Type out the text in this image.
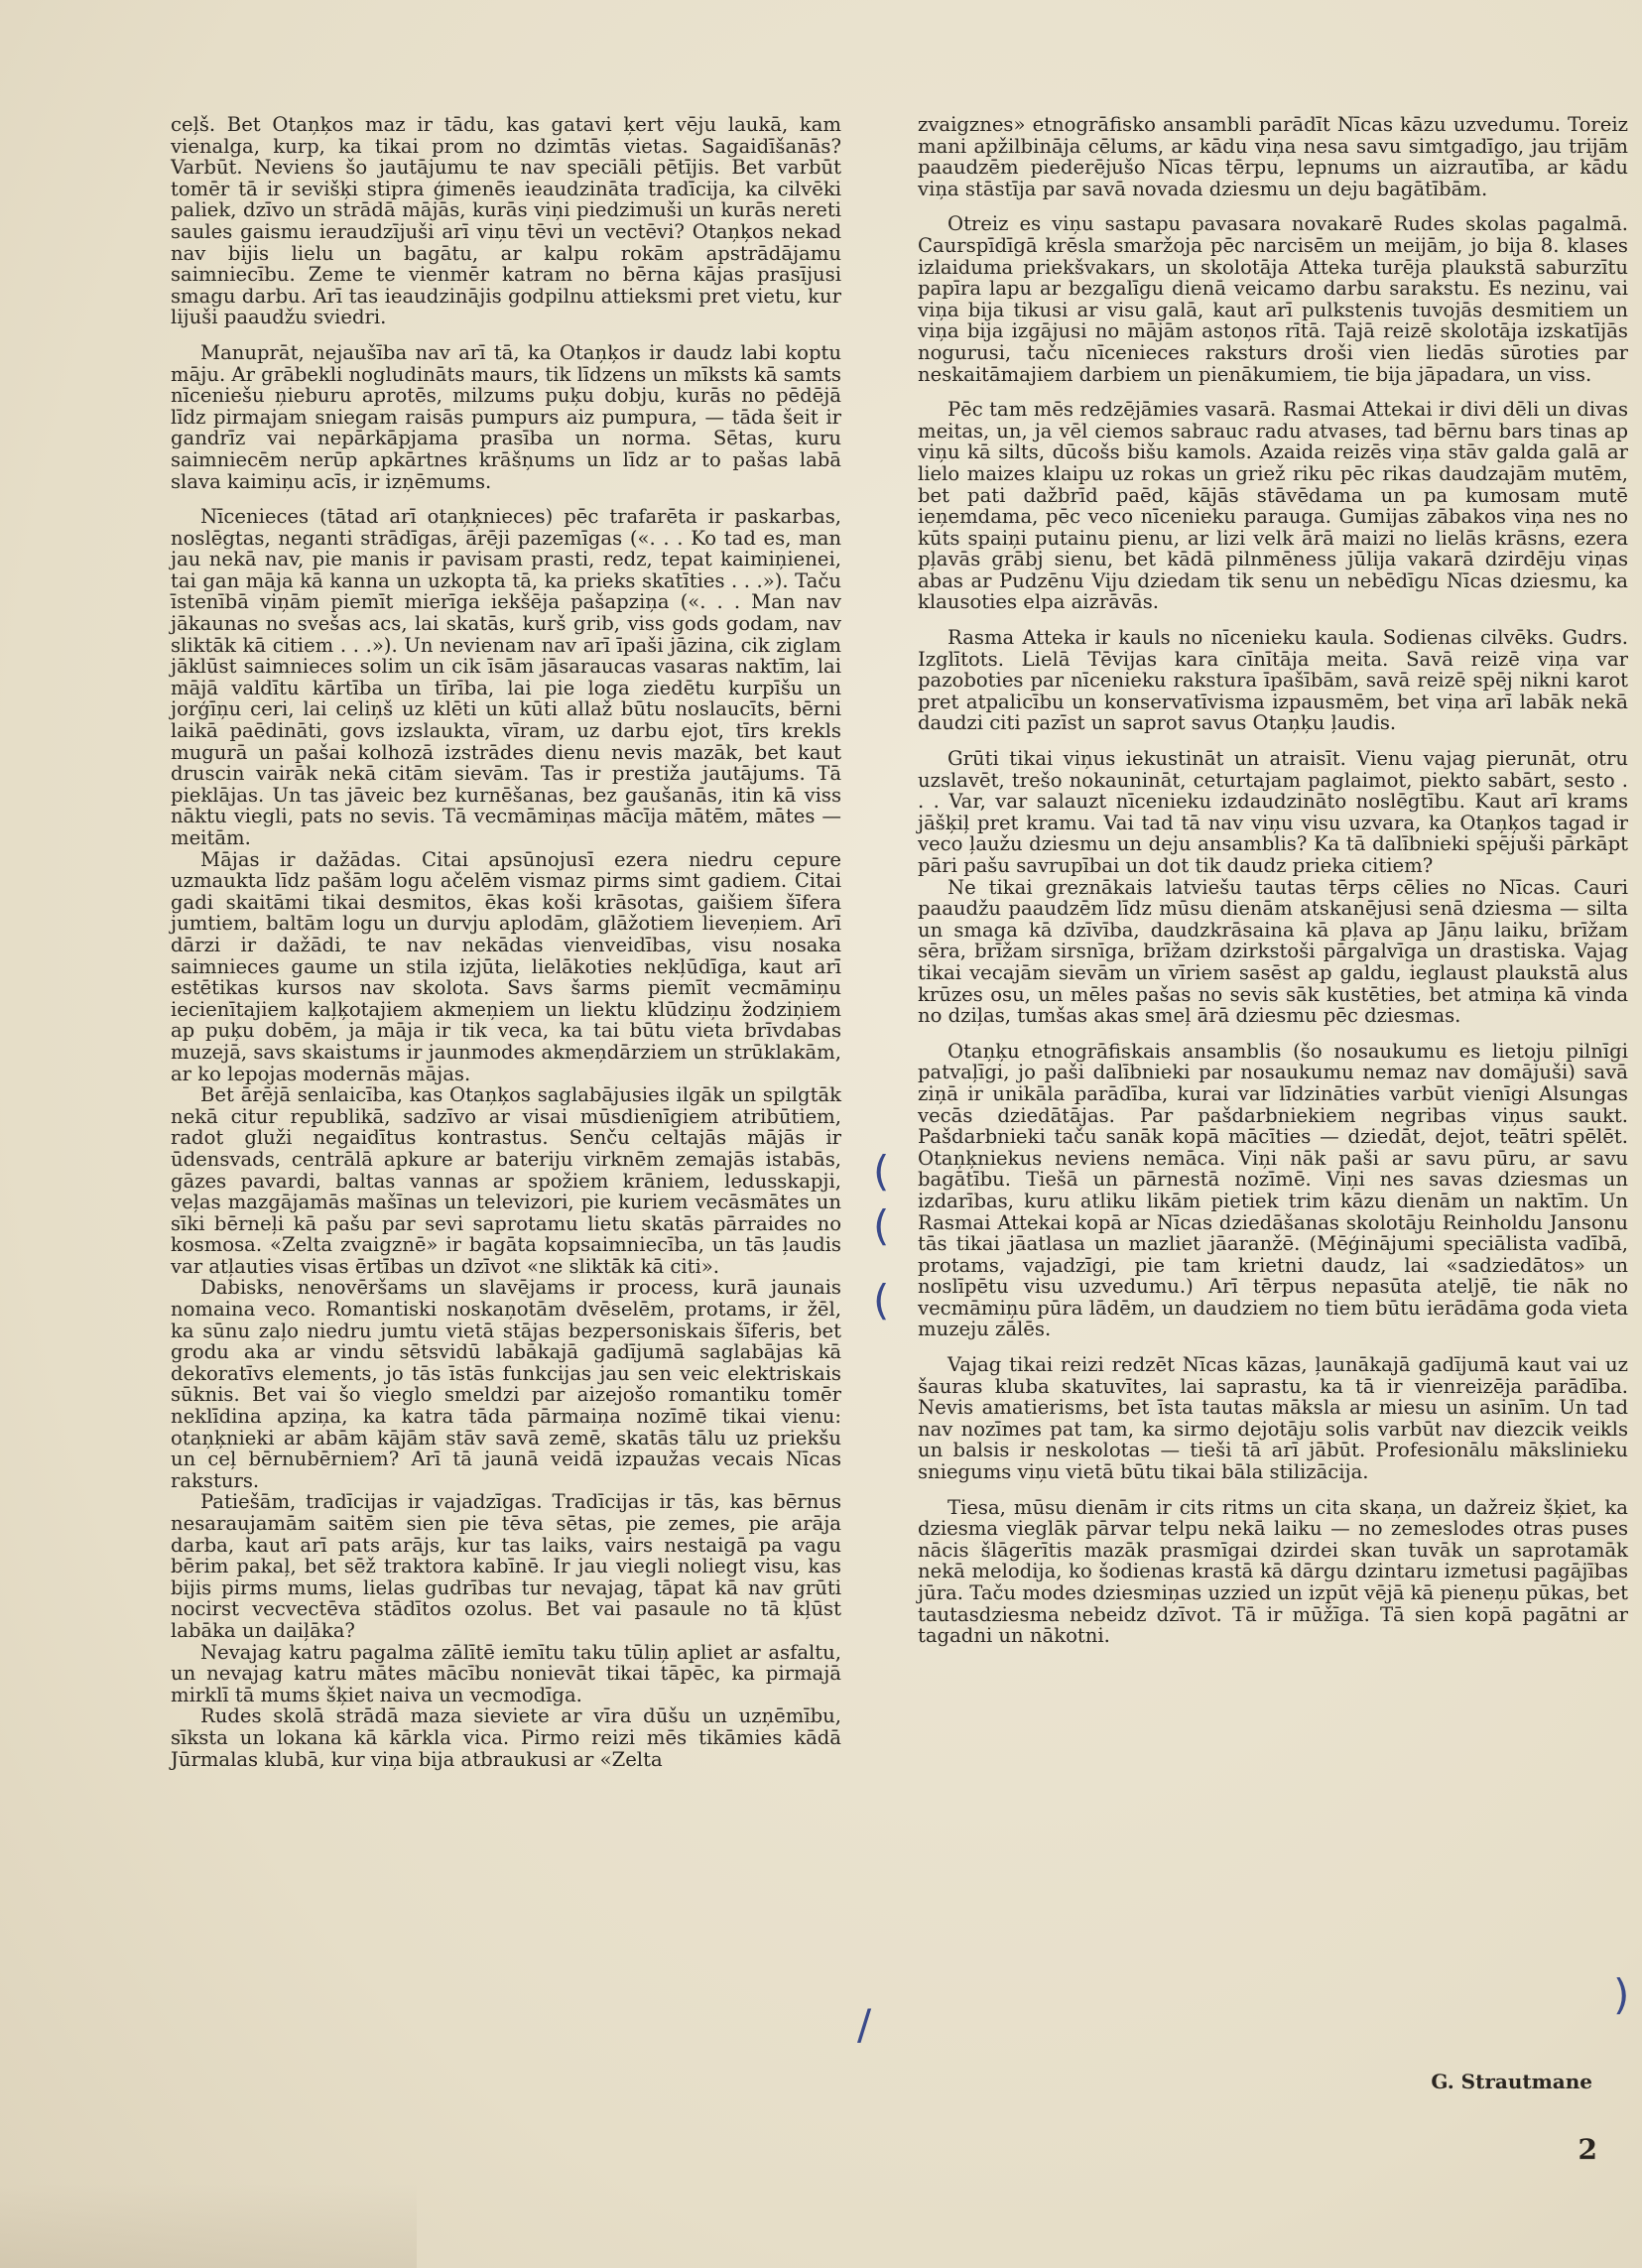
ceļš. Bet Otaņķos maz ir tādu, kas gatavi ķert vēju laukā, kam vienalga, kurp, ka tikai prom no dzimtās vietas. Sagaidīšanās? Varbūt. Neviens šo jautājumu te nav speciāli pētījis. Bet varbūt tomēr tā ir sevišķi stipra ģimenēs ieaudzināta tradīcija, ka cilvēki paliek, dzīvo un strādā mājās, kurās viņi piedzimuši un kurās nereti saules gaismu ieraudzījuši arī viņu tēvi un vectēvi? Otaņķos nekad nav bijis lielu un bagātu, ar kalpu rokām apstrādājamu saimniecību. Zeme te vienmēr katram no bērna kājas prasījusi smagu darbu. Arī tas ieaudzinājis godpilnu attieksmi pret vietu, kur lijuši paaudžu sviedri.

Manuprāt, nejaušība nav arī tā, ka Otaņķos ir daudz labi koptu māju. Ar grābekli nogludināts maurs, tik līdzens un mīksts kā samts nīceniešu ņieburu aprotēs, milzums puķu dobju, kurās no pēdējā līdz pirmajam sniegam raisās pumpurs aiz pumpura, — tāda šeit ir gandrīz vai nepārkāpjama prasība un norma. Sētas, kuru saimniecēm nerūp apkārtnes krāšņums un līdz ar to pašas labā slava kaimiņu acīs, ir izņēmums.

Nīcenieces (tātad arī otaņķnieces) pēc trafarēta ir paskarbas, noslēgtas, neganti strādīgas, ārēji pazemīgas («. . . Ko tad es, man jau nekā nav, pie manis ir pavisam prasti, redz, tepat kaimiņienei, tai gan māja kā kanna un uzkopta tā, ka prieks skatīties . . .»). Taču īstenībā viņām piemīt mierīga iekšēja pašapziņa («. . . Man nav jākaunas no svešas acs, lai skatās, kurš grib, viss gods godam, nav sliktāk kā citiem . . .»). Un nevienam nav arī īpaši jāzina, cik ziglam jāklūst saimnieces solim un cik īsām jāsaraucas vasaras naktīm, lai mājā valdītu kārtība un tīrība, lai pie loga ziedētu kurpīšu un jorģīņu ceri, lai celiņš uz klēti un kūti allaž būtu noslaucīts, bērni laikā paēdināti, govs izslaukta, vīram, uz darbu ejot, tīrs krekls mugurā un pašai kolhozā izstrādes dienu nevis mazāk, bet kaut druscin vairāk nekā citām sievām. Tas ir prestiža jautājums. Tā pieklājas. Un tas jāveic bez kurnēšanas, bez gaušanās, itin kā viss nāktu viegli, pats no sevis. Tā vecmāmiņas mācīja mātēm, mātes — meitām.

Mājas ir dažādas. Citai apsūnojusī ezera niedru cepure uzmaukta līdz pašām logu ačelēm vismaz pirms simt gadiem. Citai gadi skaitāmi tikai desmitos, ēkas koši krāsotas, gaišiem šīfera jumtiem, baltām logu un durvju aplodām, glāžotiem lieveņiem. Arī dārzi ir dažādi, te nav nekādas vienveidības, visu nosaka saimnieces gaume un stila izjūta, lielākoties nekļūdīga, kaut arī estētikas kursos nav skolota. Savs šarms piemīt vecmāmiņu iecienītajiem kaļķotajiem akmeņiem un liektu klūdziņu žodziņiem ap puķu dobēm, ja māja ir tik veca, ka tai būtu vieta brīvdabas muzejā, savs skaistums ir jaunmodes akmeņdārziem un strūklakām, ar ko lepojas modernās mājas.

Bet ārējā senlaicība, kas Otaņķos saglabājusies ilgāk un spilgtāk nekā citur republikā, sadzīvo ar visai mūsdienīgiem atribūtiem, radot gluži negaidītus kontrastus. Senču celtajās mājās ir ūdensvads, centrālā apkure ar bateriju virknēm zemajās istabās, gāzes pavardi, baltas vannas ar spožiem krāniem, ledusskapji, veļas mazgājamās mašīnas un televizori, pie kuriem vecāsmātes un sīki bērneļi kā pašu par sevi saprotamu lietu skatās pārraides no kosmosa. «Zelta zvaigznē» ir bagāta kopsaimniecība, un tās ļaudis var atļauties visas ērtības un dzīvot «ne sliktāk kā citi».

Dabisks, nenovēršams un slavējams ir process, kurā jaunais nomaina veco. Romantiski noskaņotām dvēselēm, protams, ir žēl, ka sūnu zaļo niedru jumtu vietā stājas bezpersoniskais šīferis, bet grodu aka ar vindu sētsvidū labākajā gadījumā saglabājas kā dekoratīvs elements, jo tās īstās funkcijas jau sen veic elektriskais sūknis. Bet vai šo vieglo smeldzi par aizejošo romantiku tomēr neklīdina apziņa, ka katra tāda pārmaiņa nozīmē tikai vienu: otaņķnieki ar abām kājām stāv savā zemē, skatās tālu uz priekšu un ceļ bērnubērniem? Arī tā jaunā veidā izpaužas vecais Nīcas raksturs.

Patiešām, tradīcijas ir vajadzīgas. Tradīcijas ir tās, kas bērnus nesaraujamām saitēm sien pie tēva sētas, pie zemes, pie arāja darba, kaut arī pats arājs, kur tas laiks, vairs nestaigā pa vagu bērim pakaļ, bet sēž traktora kabīnē. Ir jau viegli noliegt visu, kas bijis pirms mums, lielas gudrības tur nevajag, tāpat kā nav grūti nocirst vecvectēva stādītos ozolus. Bet vai pasaule no tā kļūst labāka un daiļāka?

Nevajag katru pagalma zālītē iemītu taku tūliņ apliet ar asfaltu, un nevajag katru mātes mācību nonievāt tikai tāpēc, ka pirmajā mirklī tā mums šķiet naiva un vecmodīga.

Rudes skolā strādā maza sieviete ar vīra dūšu un uzņēmību, sīksta un lokana kā kārkla vica. Pirmo reizi mēs tikāmies kādā Jūrmalas klubā, kur viņa bija atbraukusi ar «Zelta

zvaigznes» etnogrāfisko ansambli parādīt Nīcas kāzu uzvedumu. Toreiz mani apžilbināja cēlums, ar kādu viņa nesa savu simtgadīgo, jau trijām paaudzēm piederējušo Nīcas tērpu, lepnums un aizrautība, ar kādu viņa stāstīja par savā novada dziesmu un deju bagātībām.

Otreiz es viņu sastapu pavasara novakarē Rudes skolas pagalmā. Caurspīdīgā krēsla smaržoja pēc narcisēm un meijām, jo bija 8. klases izlaiduma priekšvakars, un skolotāja Atteka turēja plaukstā saburzītu papīra lapu ar bezgalīgu dienā veicamo darbu sarakstu. Es nezinu, vai viņa bija tikusi ar visu galā, kaut arī pulkstenis tuvojās desmitiem un viņa bija izgājusi no mājām astoņos rītā. Tajā reizē skolotāja izskatījās nogurusi, taču nīcenieces raksturs droši vien liedās sūroties par neskaitāmajiem darbiem un pienākumiem, tie bija jāpadara, un viss.

Pēc tam mēs redzējāmies vasarā. Rasmai Attekai ir divi dēli un divas meitas, un, ja vēl ciemos sabrauc radu atvases, tad bērnu bars tinas ap viņu kā silts, dūcošs bišu kamols. Azaida reizēs viņa stāv galda galā ar lielo maizes klaipu uz rokas un griež riku pēc rikas daudzajām mutēm, bet pati dažbrīd paēd, kājās stāvēdama un pa kumosam mutē ieņemdama, pēc veco nīcenieku parauga. Gumijas zābakos viņa nes no kūts spaiņi putainu pienu, ar lizi velk ārā maizi no lielās krāsns, ezera pļavās grābj sienu, bet kādā pilnmēness jūlija vakarā dzirdēju viņas abas ar Pudzēnu Viju dziedam tik senu un nebēdīgu Nīcas dziesmu, ka klausoties elpa aizrāvās.

Rasma Atteka ir kauls no nīcenieku kaula. Sodienas cilvēks. Gudrs. Izglītots. Lielā Tēvijas kara cīnītāja meita. Savā reizē viņa var pazoboties par nīcenieku rakstura īpašībām, savā reizē spēj nikni karot pret atpalicību un konservatīvisma izpausmēm, bet viņa arī labāk nekā daudzi citi pazīst un saprot savus Otaņķu ļaudis.

Grūti tikai viņus iekustināt un atraisīt. Vienu vajag pierunāt, otru uzslavēt, trešo nokaunināt, ceturtajam paglaimot, piekto sabārt, sesto . . . Var, var salauzt nīcenieku izdaudzināto noslēgtību. Kaut arī krams jāšķiļ pret kramu. Vai tad tā nav viņu visu uzvara, ka Otaņķos tagad ir veco ļaužu dziesmu un deju ansamblis? Ka tā dalībnieki spējuši pārkāpt pāri pašu savrupībai un dot tik daudz prieka citiem?

Ne tikai greznākais latviešu tautas tērps cēlies no Nīcas. Cauri paaudžu paaudzēm līdz mūsu dienām atskanējusi senā dziesma — silta un smaga kā dzīvība, daudzkrāsaina kā pļava ap Jāņu laiku, brīžam sēra, brīžam sirsnīga, brīžam dzirkstoši pārgalvīga un drastiska. Vajag tikai vecajām sievām un vīriem sasēst ap galdu, ieglaust plaukstā alus krūzes osu, un mēles pašas no sevis sāk kustēties, bet atmiņa kā vinda no dziļas, tumšas akas smeļ ārā dziesmu pēc dziesmas.

Otaņķu etnogrāfiskais ansamblis (šo nosaukumu es lietoju pilnīgi patvaļīgi, jo paši dalībnieki par nosaukumu nemaz nav domājuši) savā ziņā ir unikāla parādība, kurai var līdzināties varbūt vienīgi Alsungas vecās dziedātājas. Par pašdarbniekiem negribas viņus saukt. Pašdarbnieki taču sanāk kopā mācīties — dziedāt, dejot, teātri spēlēt. Otaņķniekus neviens nemāca. Viņi nāk paši ar savu pūru, ar savu bagātību. Tiešā un pārnestā nozīmē. Viņi nes savas dziesmas un izdarības, kuru atliku likām pietiek trim kāzu dienām un naktīm. Un Rasmai Attekai kopā ar Nīcas dziedāšanas skolotāju Reinholdu Jansonu tās tikai jāatlasa un mazliet jāaranžē. (Mēģinājumi speciālista vadībā, protams, vajadzīgi, pie tam krietni daudz, lai «sadziedātos» un noslīpētu visu uzvedumu.) Arī tērpus nepasūta ateljē, tie nāk no vecmāmiņu pūra lādēm, un daudziem no tiem būtu ierādāma goda vieta muzeju zālēs.

Vajag tikai reizi redzēt Nīcas kāzas, ļaunākajā gadījumā kaut vai uz šauras kluba skatuvītes, lai saprastu, ka tā ir vienreizēja parādība. Nevis amatierisms, bet īsta tautas māksla ar miesu un asinīm. Un tad nav nozīmes pat tam, ka sirmo dejotāju solis varbūt nav diezcik veikls un balsis ir neskolotas — tieši tā arī jābūt. Profesionālu mākslinieku sniegums viņu vietā būtu tikai bāla stilizācija.

Tiesa, mūsu dienām ir cits ritms un cita skaņa, un dažreiz šķiet, ka dziesma vieglāk pārvar telpu nekā laiku — no zemeslodes otras puses nācis šlāgerītis mazāk prasmīgai dzirdei skan tuvāk un saprotamāk nekā melodija, ko šodienas krastā kā dārgu dzintaru izmetusi pagājības jūra. Taču modes dziesmiņas uzzied un izpūt vējā kā pieneņu pūkas, bet tautasdziesma nebeidz dzīvot. Tā ir mūžīga. Tā sien kopā pagātni ar tagadni un nākotni.

G. Strautmane
2
(
(
(
)
/
